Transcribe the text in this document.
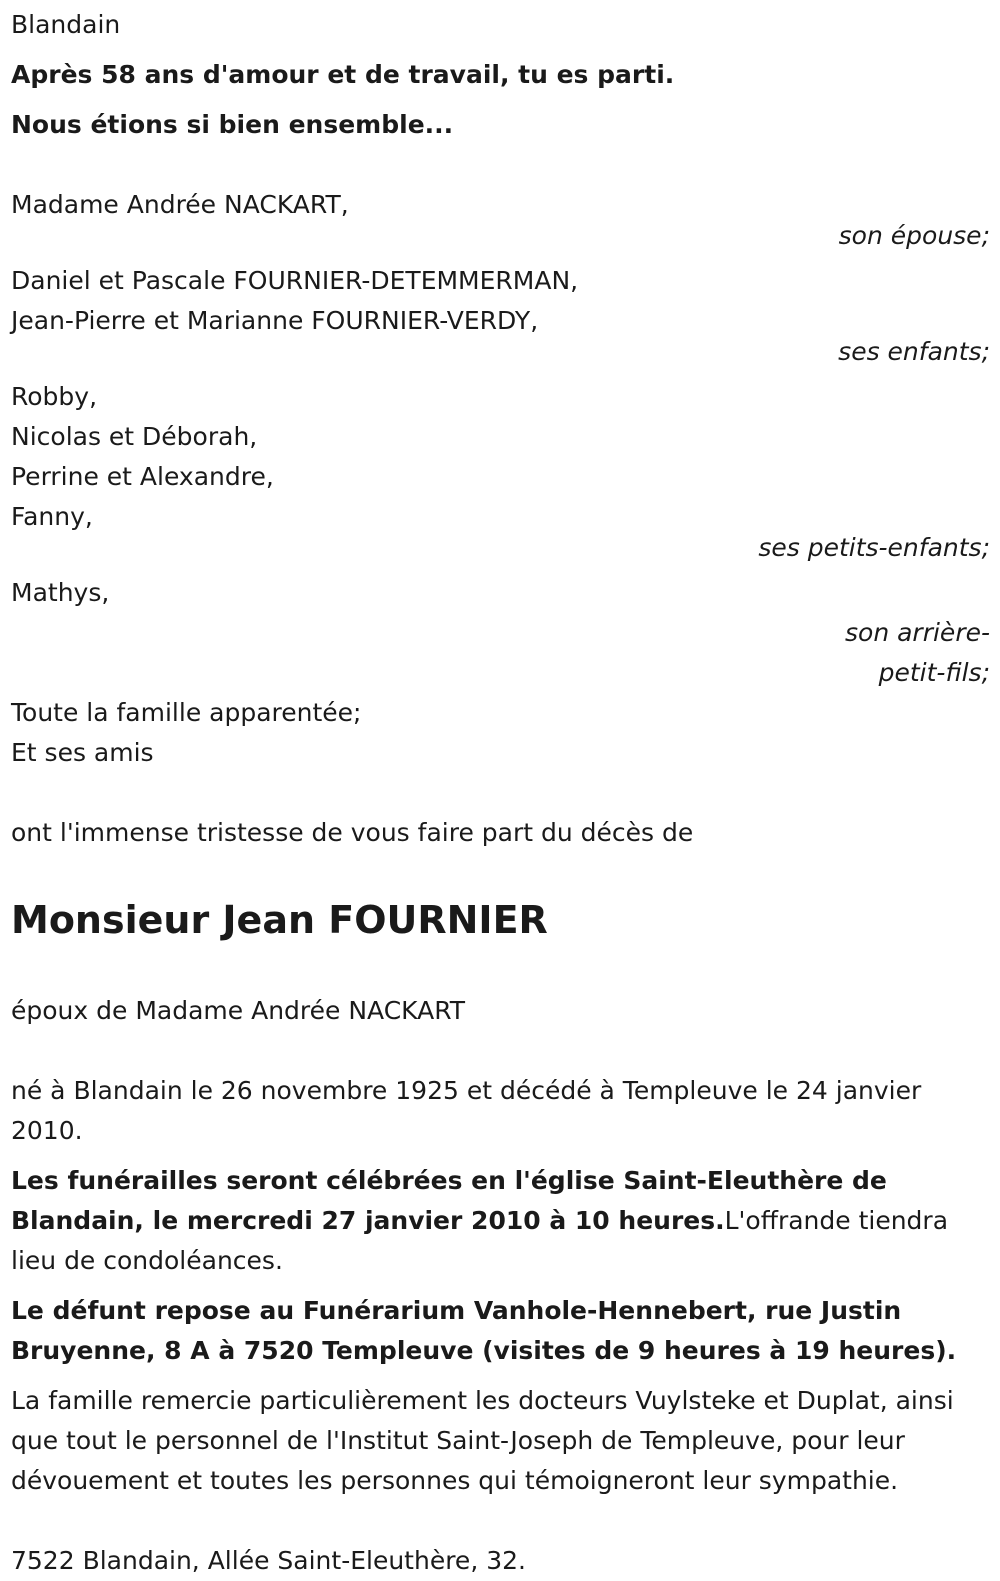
Blandain

Après 58 ans d'amour et de travail, tu es parti.

Nous étions si bien ensemble...

Madame Andrée NACKART,

son épouse;

Daniel et Pascale FOURNIER-DETEMMERMAN,

Jean-Pierre et Marianne FOURNIER-VERDY,

ses enfants;

Robby,

Nicolas et Déborah,

Perrine et Alexandre,

Fanny,

ses petits-enfants;

Mathys,

son arrière-

petit-fils;

Toute la famille apparentée;

Et ses amis

ont l'immense tristesse de vous faire part du décès de

Monsieur Jean FOURNIER

époux de Madame Andrée NACKART

né à Blandain le 26 novembre 1925 et décédé à Templeuve le 24 janvier 2010.

Les funérailles seront célébrées en l'église Saint-Eleuthère de Blandain, le mercredi 27 janvier 2010 à 10 heures.L'offrande tiendra lieu de condoléances.

Le défunt repose au Funérarium Vanhole-Hennebert, rue Justin Bruyenne, 8 A à 7520 Templeuve (visites de 9 heures à 19 heures).

La famille remercie particulièrement les docteurs Vuylsteke et Duplat, ainsi que tout le personnel de l'Institut Saint-Joseph de Templeuve, pour leur dévouement et toutes les personnes qui témoigneront leur sympathie.

7522 Blandain, Allée Saint-Eleuthère, 32.
